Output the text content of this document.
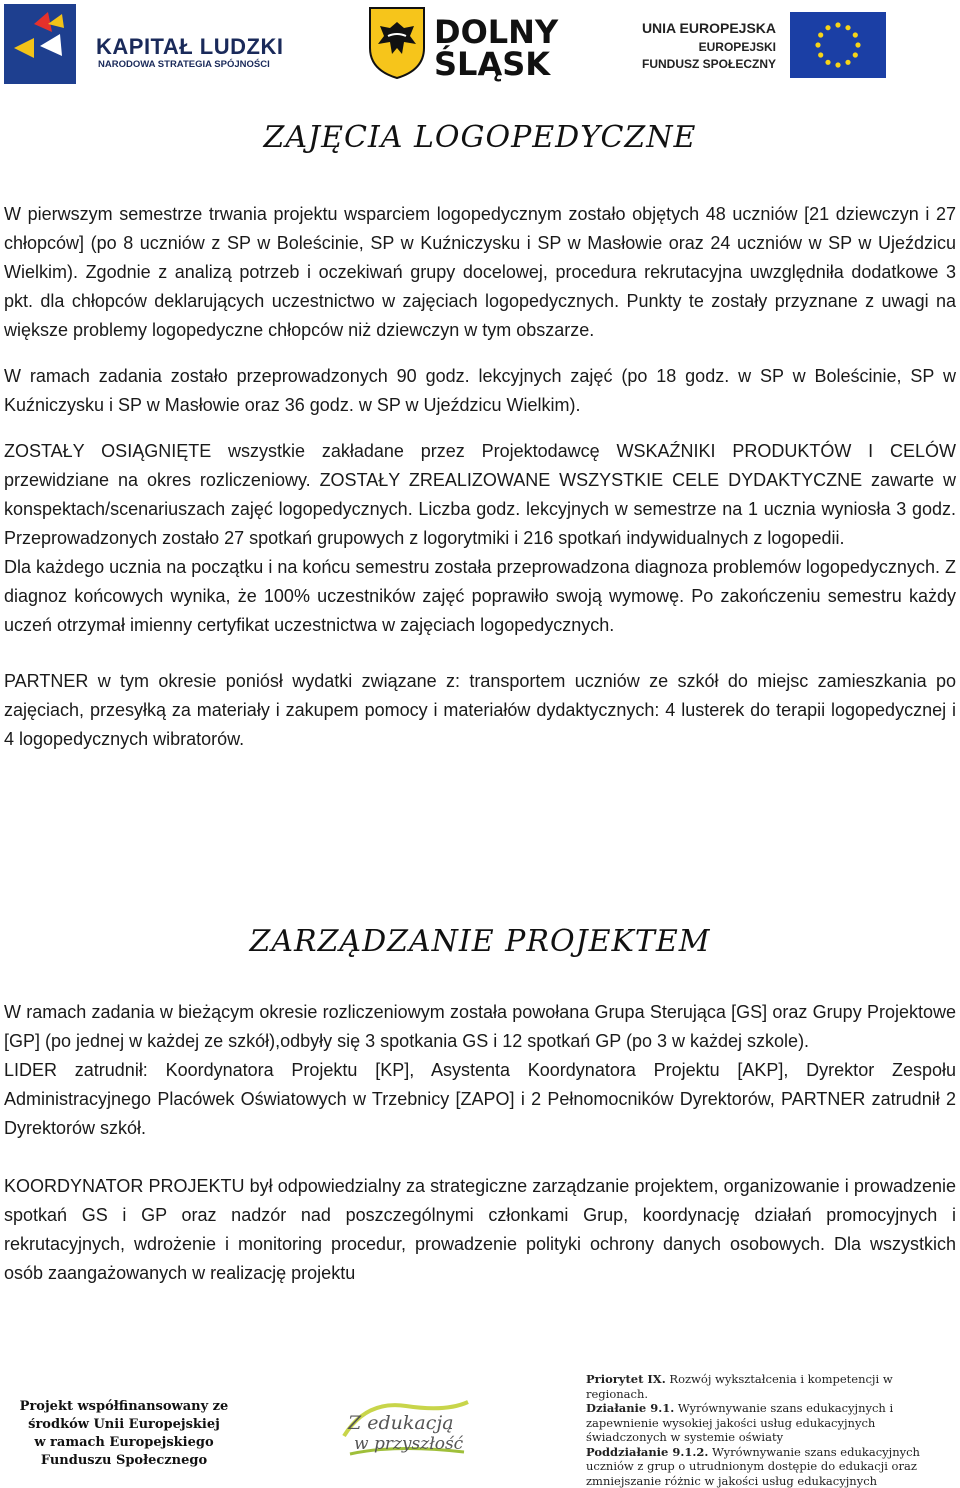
KAPITAŁ LUDZKI
NARODOWA STRATEGIA SPÓJNOŚCI
DOLNY
ŚLĄSK
UNIA EUROPEJSKA
EUROPEJSKI
FUNDUSZ SPOŁECZNY
ZAJĘCIA LOGOPEDYCZNE

W pierwszym semestrze trwania projektu wsparciem logopedycznym zostało objętych 48 uczniów [21 dziewczyn i 27 chłopców] (po 8 uczniów z SP w Boleścinie, SP w Kuźniczysku i SP w Masłowie oraz 24 uczniów w SP w Ujeździcu Wielkim). Zgodnie z analizą potrzeb i oczekiwań grupy docelowej, procedura rekrutacyjna uwzględniła dodatkowe 3 pkt. dla chłopców deklarujących uczestnictwo w zajęciach logopedycznych. Punkty te zostały przyznane z uwagi na większe problemy logopedyczne chłopców niż dziewczyn w tym obszarze.

W ramach zadania zostało przeprowadzonych 90 godz. lekcyjnych zajęć (po 18 godz. w SP w Boleścinie, SP w Kuźniczysku i SP w Masłowie oraz 36 godz. w SP w Ujeździcu Wielkim).

ZOSTAŁY OSIĄGNIĘTE wszystkie zakładane przez Projektodawcę WSKAŹNIKI PRODUKTÓW I CELÓW przewidziane na okres rozliczeniowy. ZOSTAŁY ZREALIZOWANE WSZYSTKIE CELE DYDAKTYCZNE zawarte w konspektach/scenariuszach zajęć logopedycznych. Liczba godz. lekcyjnych w semestrze na 1 ucznia wyniosła 3 godz. Przeprowadzonych zostało 27 spotkań grupowych z logorytmiki i 216 spotkań indywidualnych z logopedii.

Dla każdego ucznia na początku i na końcu semestru została przeprowadzona diagnoza problemów logopedycznych. Z diagnoz końcowych wynika, że 100% uczestników zajęć poprawiło swoją wymowę. Po zakończeniu semestru każdy uczeń otrzymał imienny certyfikat uczestnictwa w zajęciach logopedycznych.

PARTNER w tym okresie poniósł wydatki związane z: transportem uczniów ze szkół do miejsc zamieszkania po zajęciach, przesyłką za materiały i zakupem pomocy i materiałów dydaktycznych: 4 lusterek do terapii logopedycznej i 4 logopedycznych wibratorów.

ZARZĄDZANIE PROJEKTEM

W ramach zadania w bieżącym okresie rozliczeniowym została powołana Grupa Sterująca [GS] oraz Grupy Projektowe [GP] (po jednej w każdej ze szkół),odbyły się 3 spotkania GS i 12 spotkań GP (po 3 w każdej szkole).

LIDER zatrudnił: Koordynatora Projektu [KP], Asystenta Koordynatora Projektu [AKP], Dyrektor Zespołu Administracyjnego Placówek Oświatowych w Trzebnicy [ZAPO] i 2 Pełnomocników Dyrektorów, PARTNER zatrudnił 2 Dyrektorów szkół.

KOORDYNATOR PROJEKTU był odpowiedzialny za strategiczne zarządzanie projektem, organizowanie i prowadzenie spotkań GS i GP oraz nadzór nad poszczególnymi członkami Grup, koordynację działań promocyjnych i rekrutacyjnych, wdrożenie i monitoring procedur, prowadzenie polityki ochrony danych osobowych. Dla wszystkich osób zaangażowanych w realizację projektu

Projekt współfinansowany ze
środków Unii Europejskiej
w ramach Europejskiego
Funduszu Społecznego
Z edukacją
w przyszłość

Priorytet IX. Rozwój wykształcenia i kompetencji w regionach.

Działanie 9.1. Wyrównywanie szans edukacyjnych i zapewnienie wysokiej jakości usług edukacyjnych świadczonych w systemie oświaty

Poddziałanie 9.1.2. Wyrównywanie szans edukacyjnych uczniów z grup o utrudnionym dostępie do edukacji oraz zmniejszanie różnic w jakości usług edukacyjnych
